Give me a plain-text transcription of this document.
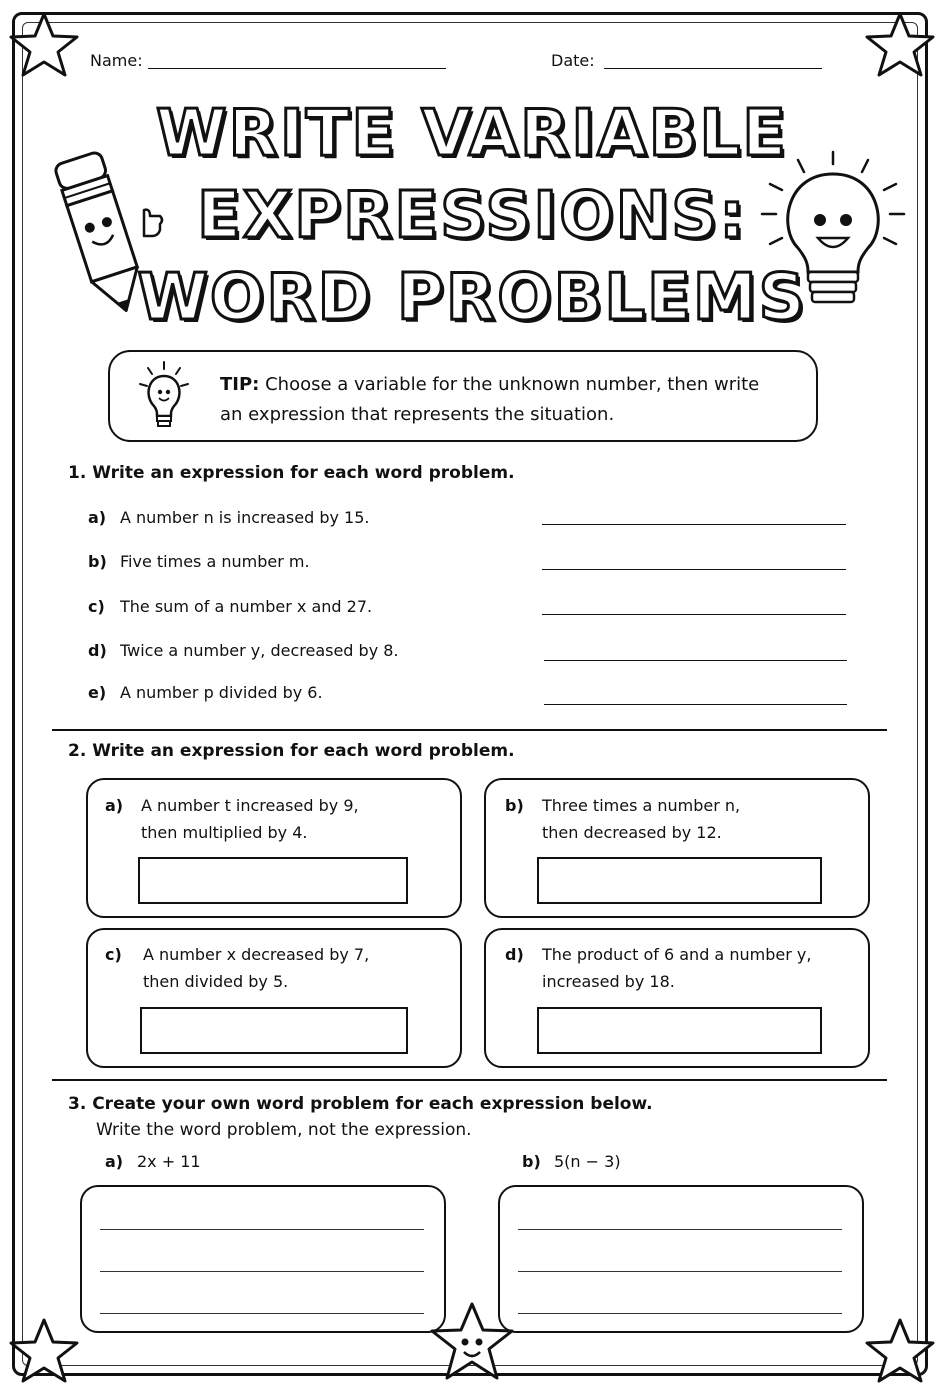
Name:	Date:
WRITE VARIABLE
EXPRESSIONS:
WORD PROBLEMS
TIP: Choose a variable for the unknown number, then write
an expression that represents the situation.
1. Write an expression for each word problem.
a) A number n is increased by 15.
b) Five times a number m.
c) The sum of a number x and 27.
d) Twice a number y, decreased by 8.
e) A number p divided by 6.
2. Write an expression for each word problem.
a) A number t increased by 9,
then multiplied by 4.
b) Three times a number n,
then decreased by 12.
c) A number x decreased by 7,
then divided by 5.
d) The product of 6 and a number y,
increased by 18.
3. Create your own word problem for each expression below.
Write the word problem, not the expression.
a) 2x + 11	b) 5(n − 3)
